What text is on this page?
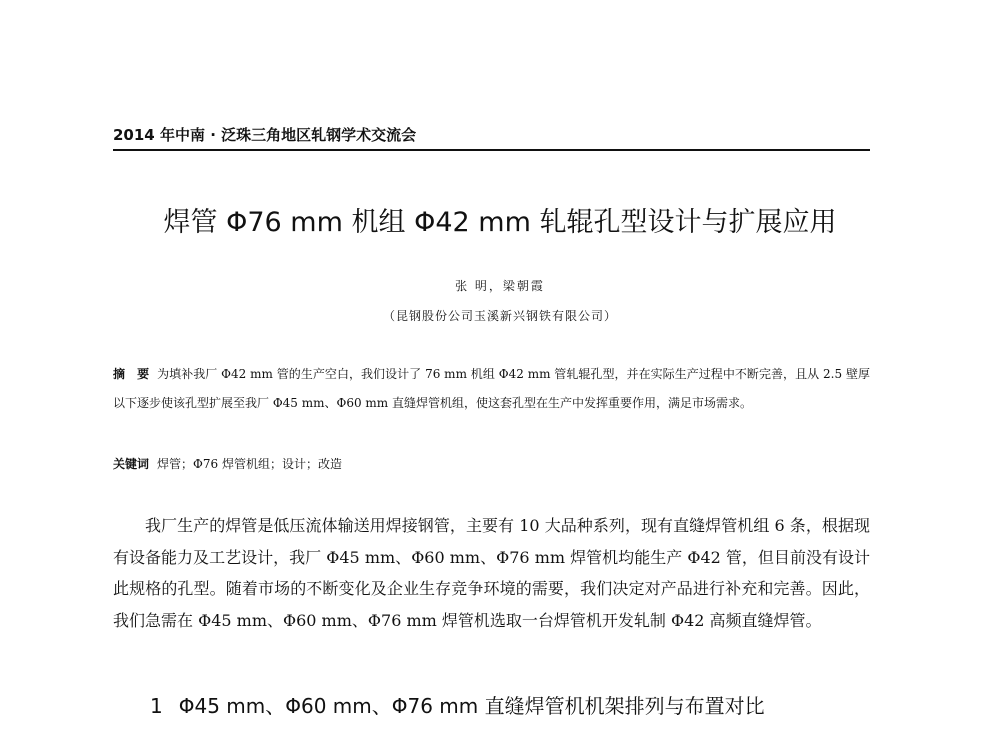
2014 年中南 · 泛珠三角地区轧钢学术交流会
焊管 Φ76 mm 机组 Φ42 mm 轧辊孔型设计与扩展应用
张 明，梁朝霞
（昆钢股份公司玉溪新兴钢铁有限公司）
摘　要 为填补我厂 Φ42 mm 管的生产空白，我们设计了 76 mm 机组 Φ42 mm 管轧辊孔型，并在实际生产过程中不断完善，且从 2.5 壁厚以下逐步使该孔型扩展至我厂 Φ45 mm、Φ60 mm 直缝焊管机组，使这套孔型在生产中发挥重要作用，满足市场需求。
关键词 焊管；Φ76 焊管机组；设计；改造

我厂生产的焊管是低压流体输送用焊接钢管，主要有 10 大品种系列，现有直缝焊管机组 6 条，根据现有设备能力及工艺设计，我厂 Φ45 mm、Φ60 mm、Φ76 mm 焊管机均能生产 Φ42 管，但目前没有设计此规格的孔型。随着市场的不断变化及企业生存竞争环境的需要，我们决定对产品进行补充和完善。因此，我们急需在 Φ45 mm、Φ60 mm、Φ76 mm 焊管机选取一台焊管机开发轧制 Φ42 高频直缝焊管。

1 Φ45 mm、Φ60 mm、Φ76 mm 直缝焊管机机架排列与布置对比
